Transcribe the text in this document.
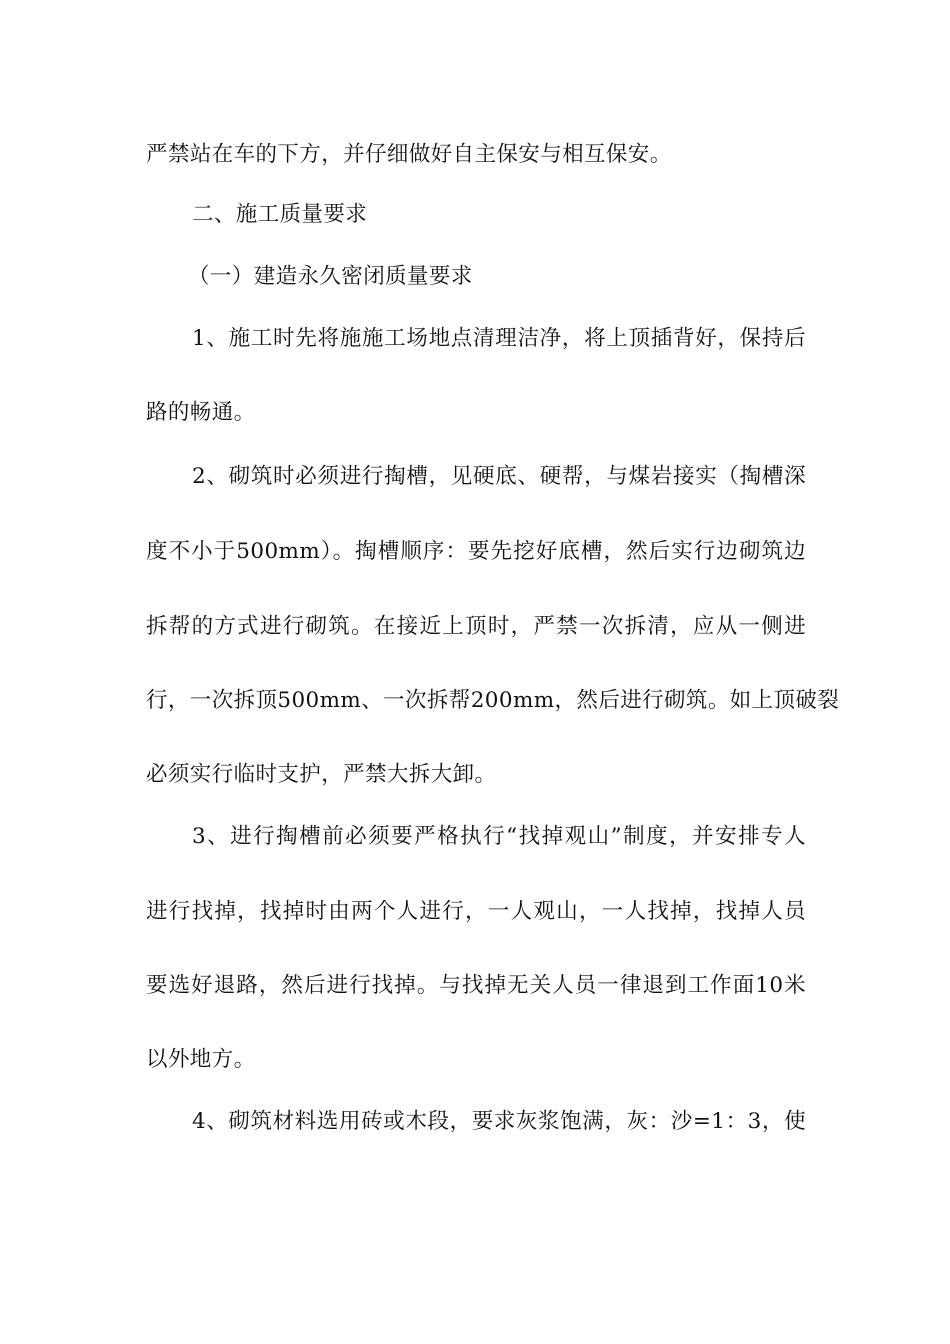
严禁站在车的下方，并仔细做好自主保安与相互保安。
二、施工质量要求
（一）建造永久密闭质量要求
1、施工时先将施施工场地点清理洁净，将上顶插背好，保持后
路的畅通。
2、砌筑时必须进行掏槽，见硬底、硬帮，与煤岩接实（掏槽深
度不小于500mm）。掏槽顺序：要先挖好底槽，然后实行边砌筑边
拆帮的方式进行砌筑。在接近上顶时，严禁一次拆清，应从一侧进
行，一次拆顶500mm、一次拆帮200mm，然后进行砌筑。如上顶破裂
必须实行临时支护，严禁大拆大卸。
3、进行掏槽前必须要严格执行“找掉观山”制度，并安排专人
进行找掉，找掉时由两个人进行，一人观山，一人找掉，找掉人员
要选好退路，然后进行找掉。与找掉无关人员一律退到工作面10米
以外地方。
4、砌筑材料选用砖或木段，要求灰浆饱满，灰：沙=1：3，使
